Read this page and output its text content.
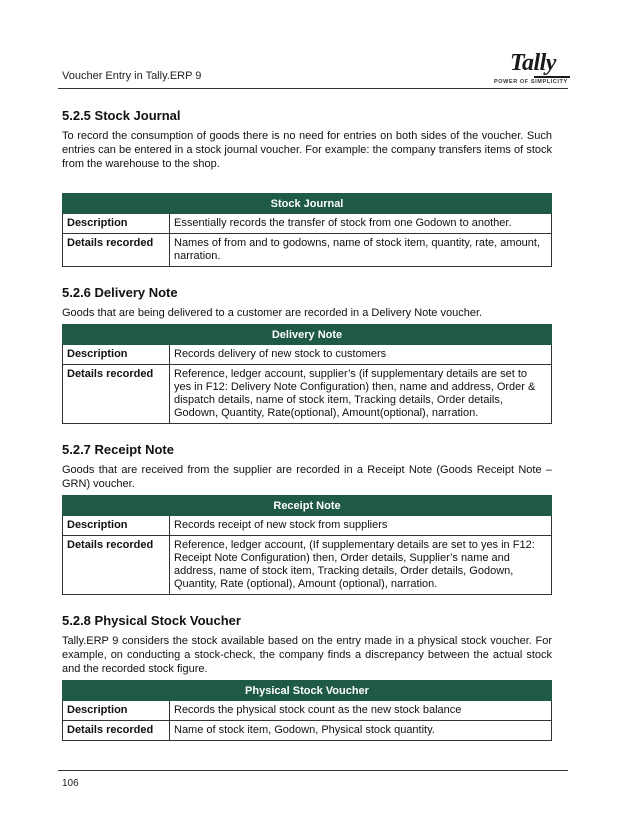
Voucher Entry in Tally.ERP 9	Tally
POWER OF SIMPLICITY
5.2.5 Stock Journal

To record the consumption of goods there is no need for entries on both sides of the voucher. Such entries can be entered in a stock journal voucher. For example: the company transfers items of stock from the warehouse to the shop.

Stock Journal	
Description	Essentially records the transfer of stock from one Godown to another.
Details recorded	Names of from and to godowns, name of stock item, quantity, rate, amount, narration.
5.2.6 Delivery Note

Goods that are being delivered to a customer are recorded in a Delivery Note voucher.

Delivery Note	
Description	Records delivery of new stock to customers
Details recorded	Reference, ledger account, supplier’s (if supplementary details are set to yes in F12: Delivery Note Configuration) then, name and address, Order & dispatch details, name of stock item, Tracking details, Order details, Godown, Quantity, Rate(optional), Amount(optional), narration.
5.2.7 Receipt Note

Goods that are received from the supplier are recorded in a Receipt Note (Goods Receipt Note – GRN) voucher.

Receipt Note	
Description	Records receipt of new stock from suppliers
Details recorded	Reference, ledger account, (If supplementary details are set to yes in F12: Receipt Note Configuration) then, Order details, Supplier’s name and address, name of stock item, Tracking details, Order details, Godown, Quantity, Rate (optional), Amount (optional), narration.
5.2.8 Physical Stock Voucher

Tally.ERP 9 considers the stock available based on the entry made in a physical stock voucher. For example, on conducting a stock-check, the company finds a discrepancy between the actual stock and the recorded stock figure.

Physical Stock Voucher	
Description	Records the physical stock count as the new stock balance
Details recorded	Name of stock item, Godown, Physical stock quantity.
106
